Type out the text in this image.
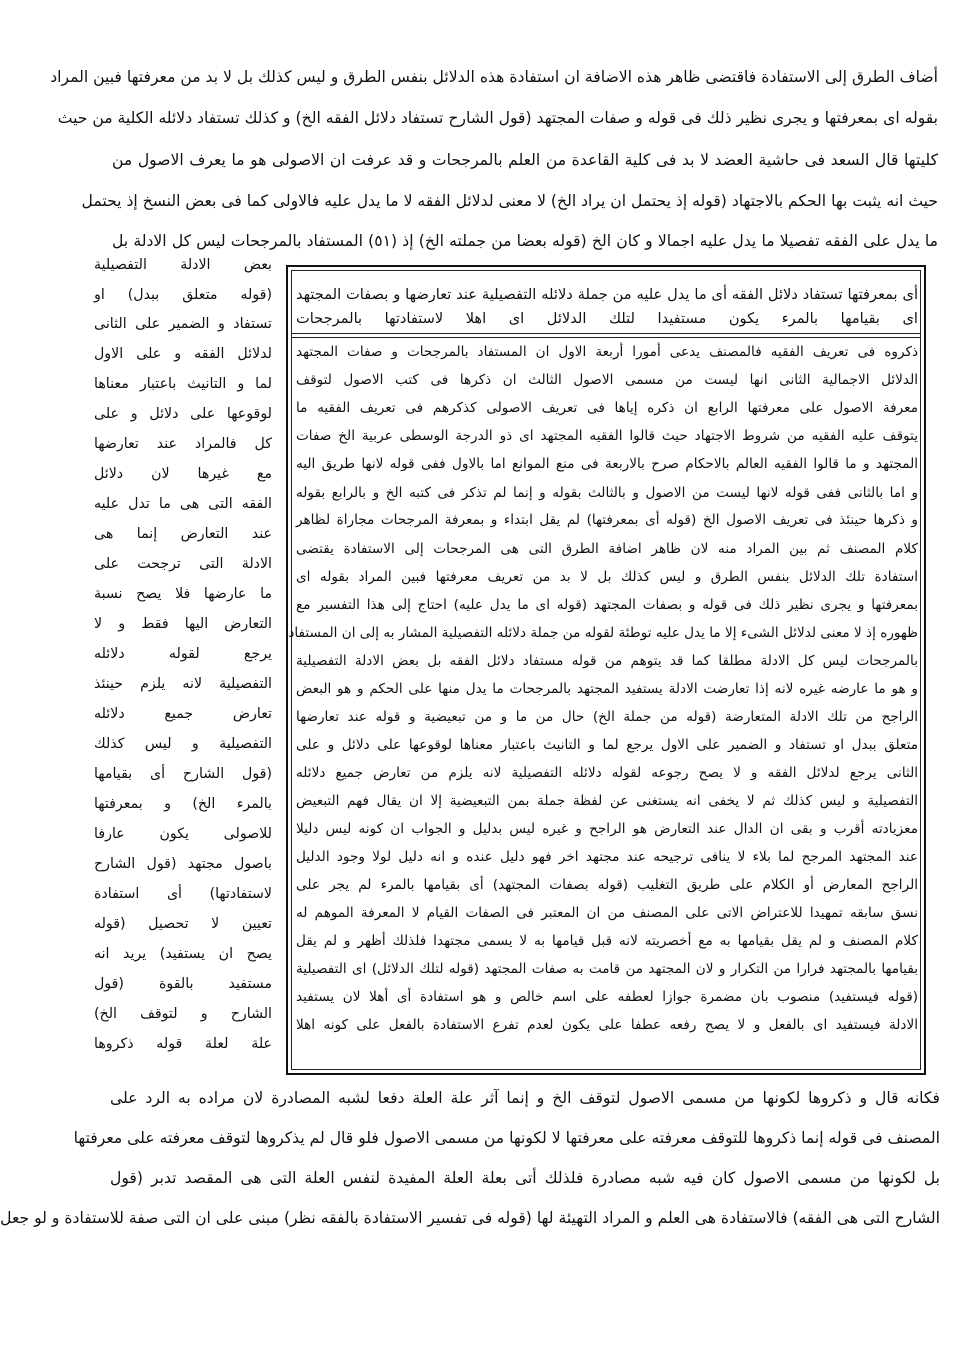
أضاف الطرق إلى الاستفادة فاقتضى ظاهر هذه الاضافة ان استفادة هذه الدلائل بنفس الطرق و ليس كذلك بل لا بد من معرفتها فبين المراد
بقوله اى بمعرفتها و يجرى نظير ذلك فى قوله و صفات المجتهد (قول الشارح تستفاد دلائل الفقه الخ) و كذلك تستفاد دلائله الكلية من حيث
كليتها قال السعد فى حاشية العضد لا بد فى كلية القاعدة من العلم بالمرجحات و قد عرفت ان الاصولى هو ما يعرف الاصول من
حيث انه يثبت بها الحكم بالاجتهاد (قوله إذ يحتمل ان يراد الخ) لا معنى لدلائل الفقه لا ما يدل عليه فالاولى كما فى بعض النسخ إذ يحتمل
ما يدل على الفقه تفصيلا ما يدل عليه اجمالا و كان الخ (قوله بعضا من جملته الخ) إذ (٥١) المستفاد بالمرجحات ليس كل الادلة بل
أى بمعرفتها تستفاد دلائل الفقه أى ما يدل عليه من جملة دلائله التفصيلية عند تعارضها و بصفات المجتهد
اى بقيامها بالمرء يكون مستفيدا لتلك الدلائل اى اهلا لاستفادتها بالمرجحات
ذكروه فى تعريف الفقيه فالمصنف يدعى أمورا أربعة الاول ان المستفاد بالمرجحات و صفات المجتهد
الدلائل الاجمالية الثانى انها ليست من مسمى الاصول الثالث ان ذكرها فى كتب الاصول لتوقف
معرفة الاصول على معرفتها الرابع ان ذكره إياها فى تعريف الاصولى كذكرهم فى تعريف الفقيه ما
يتوقف عليه الفقيه من شروط الاجتهاد حيث قالوا الفقيه المجتهد اى ذو الدرجة الوسطى عربية الخ صفات
المجتهد و ما قالوا الفقيه العالم بالاحكام صرح بالاربعة فى منع الموانع اما بالاول ففى قوله لانها طريق اليه
و اما بالثانى ففى قوله لانها ليست من الاصول و بالثالث بقوله و إنما لم تذكر فى كتبه الخ و بالرابع بقوله
و ذكرها حينئذ فى تعريف الاصول الخ (قوله أى بمعرفتها) لم يقل ابتداء و بمعرفة المرجحات مجاراة لظاهر
كلام المصنف ثم بين المراد منه لان ظاهر اضافة الطرق التى هى المرجحات إلى الاستفادة يقتضى
استفادة تلك الدلائل بنفس الطرق و ليس كذلك بل لا بد من تعريف معرفتها فبين المراد بقوله اى
بمعرفتها و يجرى نظير ذلك فى قوله و بصفات المجتهد (قوله اى ما يدل عليه) احتاج إلى هذا التفسير مع
ظهوره إذ لا معنى لدلائل الشىء إلا ما يدل عليه توطئة لقوله من جملة دلائله التفصيلية المشار به إلى ان المستفاد
بالمرجحات ليس كل الادلة مطلقا كما قد يتوهم من قوله مستفاد دلائل الفقه بل بعض الادلة التفصيلية
و هو ما عارضه غيره لانه إذا تعارضت الادلة يستفيد المجتهد بالمرجحات ما يدل منها على الحكم و هو البعض
الراجح من تلك الادلة المتعارضة (قوله من جملة الخ) حال من ما و من تبعيضية و قوله عند تعارضها
متعلق ببدل او تستفاد و الضمير على الاول يرجع لما و التانيث باعتبار معناها لوقوعها على دلائل و على
الثانى يرجع لدلائل الفقه و لا يصح رجوعه لقوله دلائله التفصيلية لانه يلزم من تعارض جميع دلائله
التفصيلية و ليس كذلك ثم لا يخفى انه يستغنى عن لفظة جملة بمن التبعيضية إلا ان يقال فهم التبعيض
معزيادته أقرب و بقى ان الدال عند التعارض هو الراجح و غيره ليس بدليل و الجواب ان كونه ليس دليلا
عند المجتهد المرجح لما بلاء لا ينافى ترجيحه عند مجتهد اخر فهو دليل عنده و انه دليل لولا وجود الدليل
الراجح المعارض أو الكلام على طريق التغليب (قوله بصفات المجتهد) أى بقيامها بالمرء لم يجر على
نسق سابقه تمهيدا للاعتراض الاتى على المصنف من ان المعتبر فى الصفات القيام لا المعرفة الموهم له
كلام المصنف و لم يقل بقيامها به مع أخصريته لانه قبل قيامها به لا يسمى مجتهدا فلذلك أظهر و لم يقل
بقيامها بالمجتهد فرارا من التكرار و لان المجتهد من قامت به صفات المجتهد (قوله لتلك الدلائل) اى التفصيلية
(قوله فيستفيد) منصوب بان مضمرة جوازا لعطفه على اسم خالص و هو استفادة أى أهلا لان يستفيد
الادلة فيستفيد اى بالفعل و لا يصح رفعه عطفا على يكون لعدم تفرع الاستفادة بالفعل على كونه اهلا
بعض الادلة التفصيلية
(قوله متعلق ببدل) او
تستفاد و الضمير على الثانى
لدلائل الفقه و على الاول
لما و التانيث باعتبار معناها
لوقوعها على دلائل و على
كل فالمراد عند تعارضها
مع غيرها لان دلائل
الفقه التى هى ما تدل عليه
عند التعارض إنما هى
الادلة التى ترجحت على
ما عارضها فلا يصح نسبة
التعارض اليها فقط و لا
يرجع لقوله دلائله
التفصيلية لانه يلزم حينئذ
تعارض جميع دلائله
التفصيلية و ليس كذلك
(قول الشارح أى بقيامها
بالمرء الخ) و بمعرفتها
للاصولى يكون عارفا
باصول مجتهد (قول الشارح
لاستفادتها) أى استفادة
تعيين لا تحصيل (قوله
يصح ان يستفيد) يريد انه
مستفيد بالقوة (قول
الشارح و لتوقف الخ)
علة لعلة قوله ذكروها
فكانه قال و ذكروها لكونها من مسمى الاصول لتوقف الخ و إنما آثر علة العلة دفعا لشبه المصادرة لان مراده به الرد على
المصنف فى قوله إنما ذكروها للتوقف معرفته على معرفتها لا لكونها من مسمى الاصول فلو قال لم يذكروها لتوقف معرفته على معرفتها
بل لكونها من مسمى الاصول كان فيه شبه مصادرة فلذلك أتى بعلة العلة المفيدة لنفس العلة التى هى المقصد تدبر (قول
الشارح التى هى الفقه) فالاستفادة هى العلم و المراد التهيئة لها (قوله فى تفسير الاستفادة بالفقه نظر) مبنى على ان التى صفة للاستفادة و لو جعل
